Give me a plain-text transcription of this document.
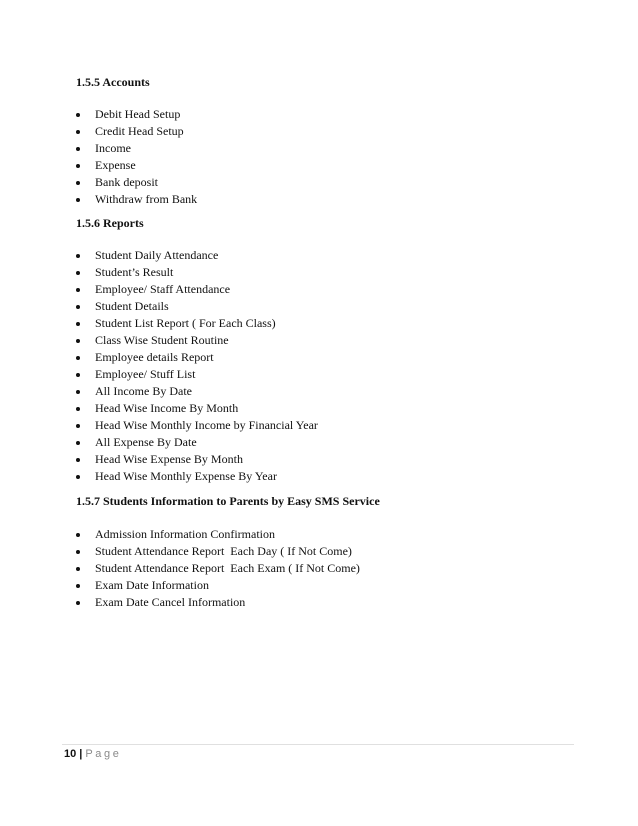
1.5.5 Accounts
Debit Head Setup
Credit Head Setup
Income
Expense
Bank deposit
Withdraw from Bank
1.5.6 Reports
Student Daily Attendance
Student’s Result
Employee/ Staff Attendance
Student Details
Student List Report ( For Each Class)
Class Wise Student Routine
Employee details Report
Employee/ Stuff List
All Income By Date
Head Wise Income By Month
Head Wise Monthly Income by Financial Year
All Expense By Date
Head Wise Expense By Month
Head Wise Monthly Expense By Year
1.5.7 Students Information to Parents by Easy SMS Service
Admission Information Confirmation
Student Attendance Report  Each Day ( If Not Come)
Student Attendance Report  Each Exam ( If Not Come)
Exam Date Information
Exam Date Cancel Information
10 | Page
